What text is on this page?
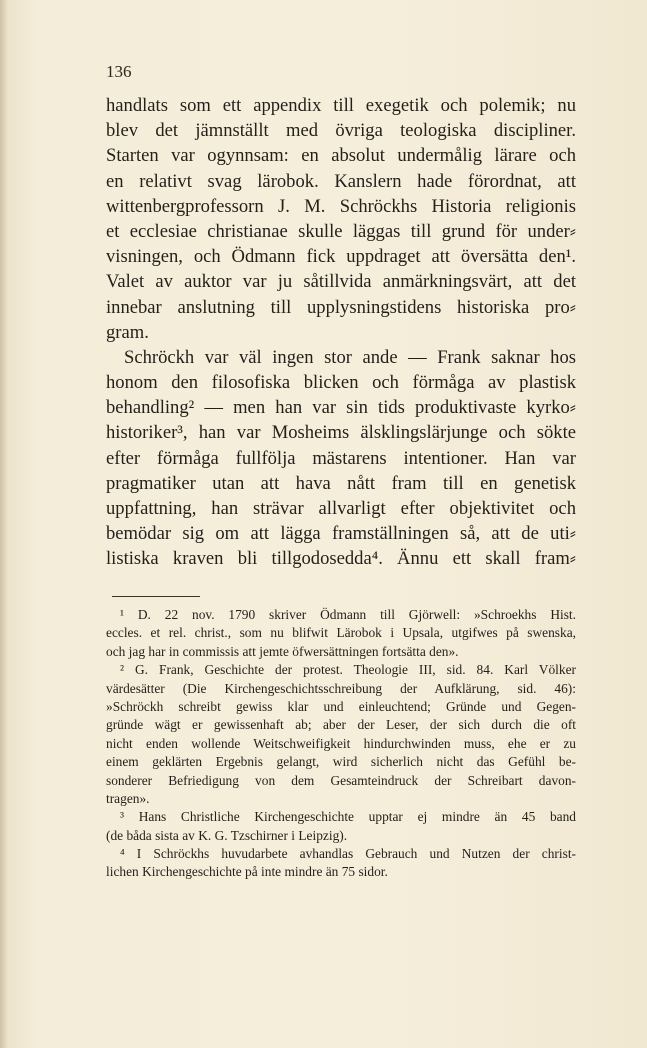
136
handlats som ett appendix till exegetik och polemik; nu
blev det jämnställt med övriga teologiska discipliner.
Starten var ogynnsam: en absolut undermålig lärare och
en relativt svag lärobok. Kanslern hade förordnat, att
wittenbergprofessorn J. M. Schröckhs Historia religionis
et ecclesiae christianae skulle läggas till grund för under⸗
visningen, och Ödmann fick uppdraget att översätta den¹.
Valet av auktor var ju såtillvida anmärkningsvärt, att det
innebar anslutning till upplysningstidens historiska pro⸗
gram.
Schröckh var väl ingen stor ande — Frank saknar hos
honom den filosofiska blicken och förmåga av plastisk
behandling² — men han var sin tids produktivaste kyrko⸗
historiker³, han var Mosheims älsklingslärjunge och sökte
efter förmåga fullfölja mästarens intentioner. Han var
pragmatiker utan att hava nått fram till en genetisk
uppfattning, han strävar allvarligt efter objektivitet och
bemödar sig om att lägga framställningen så, att de uti⸗
listiska kraven bli tillgodosedda⁴. Ännu ett skall fram⸗
¹ D. 22 nov. 1790 skriver Ödmann till Gjörwell: »Schroekhs Hist.
eccles. et rel. christ., som nu blifwit Lärobok i Upsala, utgifwes på swenska,
och jag har in commissis att jemte öfwersättningen fortsätta den».
² G. Frank, Geschichte der protest. Theologie III, sid. 84. Karl Völker
värdesätter (Die Kirchengeschichtsschreibung der Aufklärung, sid. 46):
»Schröckh schreibt gewiss klar und einleuchtend; Gründe und Gegen-
gründe wägt er gewissenhaft ab; aber der Leser, der sich durch die oft
nicht enden wollende Weitschweifigkeit hindurchwinden muss, ehe er zu
einem geklärten Ergebnis gelangt, wird sicherlich nicht das Gefühl be-
sonderer Befriedigung von dem Gesamteindruck der Schreibart davon-
tragen».
³ Hans Christliche Kirchengeschichte upptar ej mindre än 45 band
(de båda sista av K. G. Tzschirner i Leipzig).
⁴ I Schröckhs huvudarbete avhandlas Gebrauch und Nutzen der christ-
lichen Kirchengeschichte på inte mindre än 75 sidor.
